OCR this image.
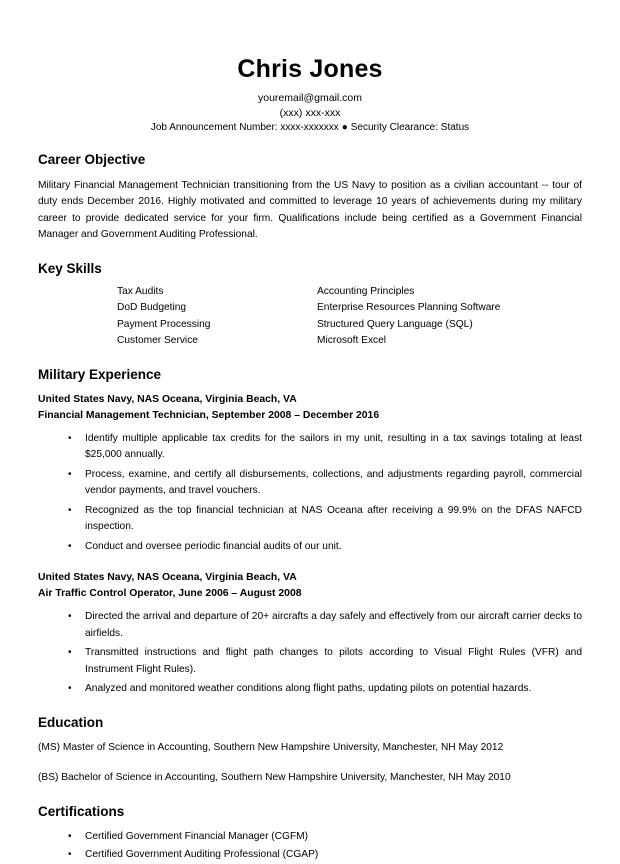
Chris Jones
youremail@gmail.com
(xxx) xxx-xxx
Job Announcement Number: xxxx-xxxxxxx ● Security Clearance: Status
Career Objective

Military Financial Management Technician transitioning from the US Navy to position as a civilian accountant -- tour of duty ends December 2016. Highly motivated and committed to leverage 10 years of achievements during my military career to provide dedicated service for your firm. Qualifications include being certified as a Government Financial Manager and Government Auditing Professional.

Key Skills
Tax Audits
DoD Budgeting
Payment Processing
Customer Service
Accounting Principles
Enterprise Resources Planning Software
Structured Query Language (SQL)
Microsoft Excel
Military Experience
United States Navy, NAS Oceana, Virginia Beach, VA
Financial Management Technician, September 2008 – December 2016
• Identify multiple applicable tax credits for the sailors in my unit, resulting in a tax savings totaling at least $25,000 annually.
• Process, examine, and certify all disbursements, collections, and adjustments regarding payroll, commercial vendor payments, and travel vouchers.
• Recognized as the top financial technician at NAS Oceana after receiving a 99.9% on the DFAS NAFCD inspection.
• Conduct and oversee periodic financial audits of our unit.
United States Navy, NAS Oceana, Virginia Beach, VA
Air Traffic Control Operator, June 2006 – August 2008
• Directed the arrival and departure of 20+ aircrafts a day safely and effectively from our aircraft carrier decks to airfields.
• Transmitted instructions and flight path changes to pilots according to Visual Flight Rules (VFR) and Instrument Flight Rules).
• Analyzed and monitored weather conditions along flight paths, updating pilots on potential hazards.
Education

(MS) Master of Science in Accounting, Southern New Hampshire University, Manchester, NH May 2012

(BS) Bachelor of Science in Accounting, Southern New Hampshire University, Manchester, NH May 2010

Certifications
• Certified Government Financial Manager (CGFM)
• Certified Government Auditing Professional (CGAP)
